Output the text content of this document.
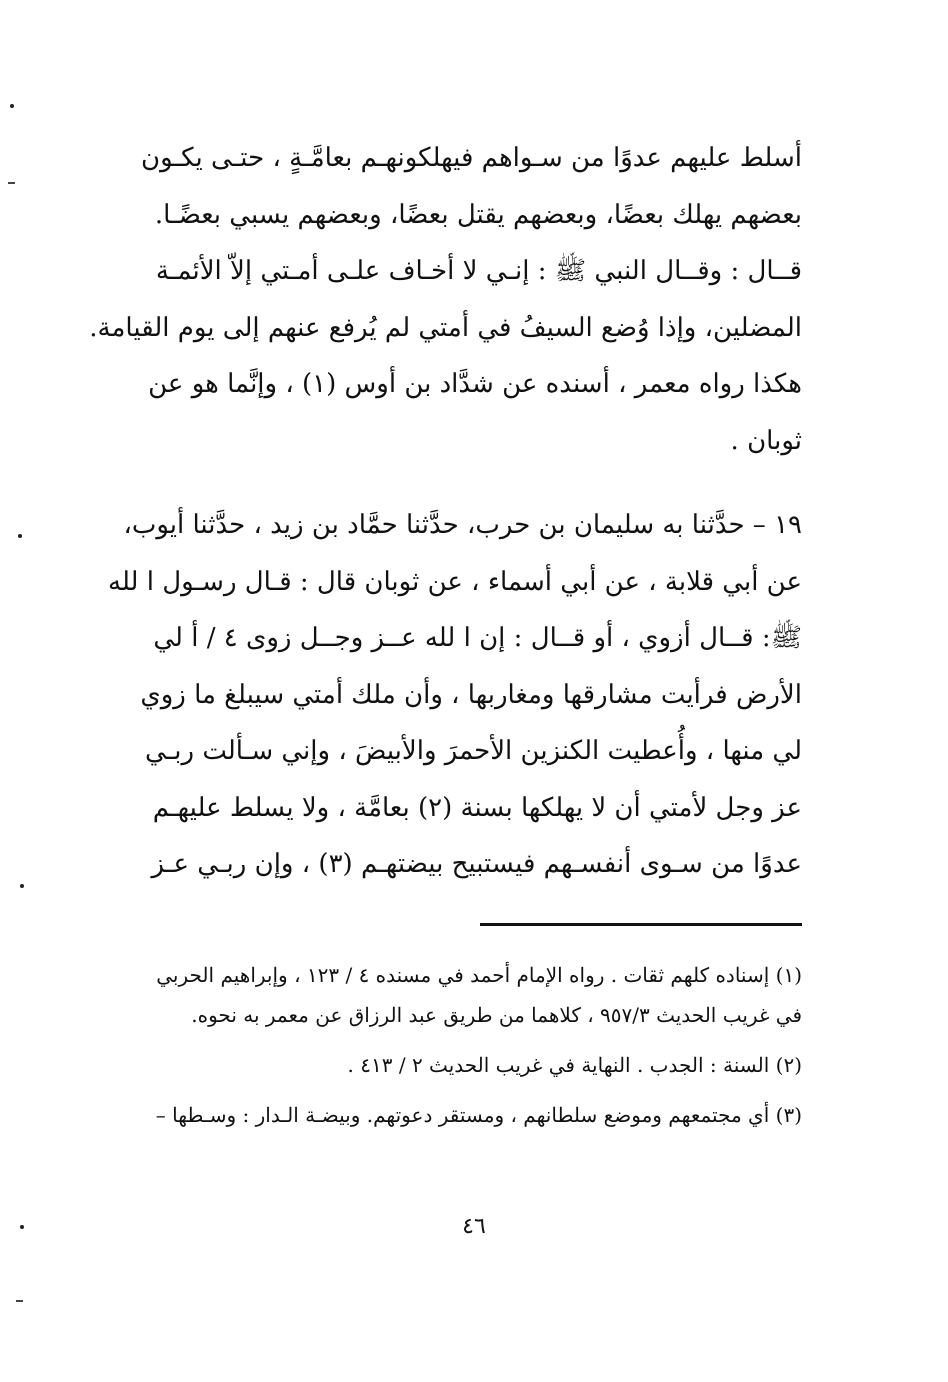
أسلط عليهم عدوًا من سـواهم فيهلكونهـم بعامَّـةٍ ، حتـى يكـون
بعضهم يهلك بعضًا، وبعضهم يقتل بعضًا، وبعضهم يسبي بعضًـا.
قــال : وقــال النبي ﷺ : إنـي لا أخـاف علـى أمـتي إلاّ الأئمـة
المضلين، وإذا وُضع السيفُ في أمتي لم يُرفع عنهم إلى يوم القيامة.
هكذا رواه معمر ، أسنده عن شدَّاد بن أوس (١) ، وإنَّما هو عن
ثوبان .
١٩ – حدَّثنا به سليمان بن حرب، حدَّثنا حمَّاد بن زيد ، حدَّثنا أيوب،
عن أبي قلابة ، عن أبي أسماء ، عن ثوبان قال : قـال رسـول ا لله
ﷺ: قــال أزوي ، أو قــال : إن ا لله عــز وجــل زوى ٤ / أ لي
الأرض فرأيت مشارقها ومغاربها ، وأن ملك أمتي سيبلغ ما زوي
لي منها ، وأُعطيت الكنزين الأحمرَ والأبيضَ ، وإني سـألت ربـي
عز وجل لأمتي أن لا يهلكها بسنة (٢) بعامَّة ، ولا يسلط عليهـم
عدوًا من سـوى أنفسـهم فيستبيح بيضتهـم (٣) ، وإن ربـي عـز
(١) إسناده كلهم ثقات . رواه الإمام أحمد في مسنده ٤ / ١٢٣ ، وإبراهيم الحربي
في غريب الحديث ٩٥٧/٣ ، كلاهما من طريق عبد الرزاق عن معمر به نحوه.
(٢) السنة : الجدب . النهاية في غريب الحديث ٢ / ٤١٣ .
(٣) أي مجتمعهم وموضع سلطانهم ، ومستقر دعوتهم. وبيضـة الـدار : وسـطها –
٤٦
